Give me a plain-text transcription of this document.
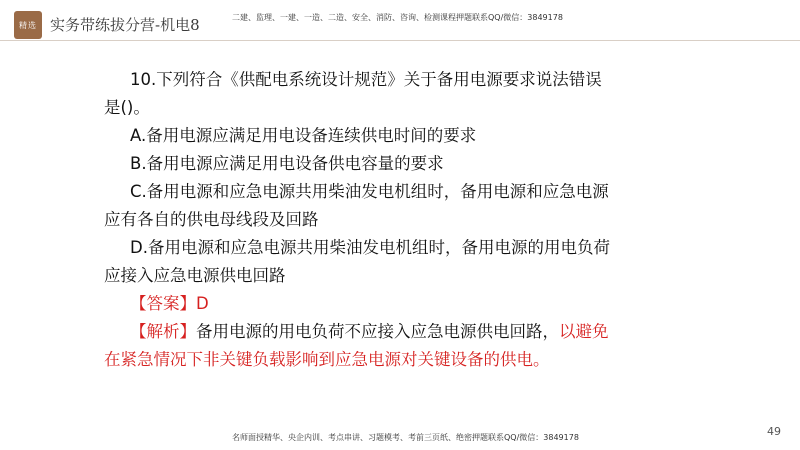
精选 实务带练拔分营-机电8	二建、监理、一建、一造、二造、安全、消防、咨询、检测课程押题联系QQ/微信：3849178

10.下列符合《供配电系统设计规范》关于备用电源要求说法错误

是()。

A.备用电源应满足用电设备连续供电时间的要求

B.备用电源应满足用电设备供电容量的要求

C.备用电源和应急电源共用柴油发电机组时，备用电源和应急电源

应有各自的供电母线段及回路

D.备用电源和应急电源共用柴油发电机组时，备用电源的用电负荷

应接入应急电源供电回路

【答案】D

【解析】备用电源的用电负荷不应接入应急电源供电回路，以避免

在紧急情况下非关键负载影响到应急电源对关键设备的供电。

49
名师面授精华、央企内训、考点串讲、习题模考、考前三页纸、绝密押题联系QQ/微信：3849178
